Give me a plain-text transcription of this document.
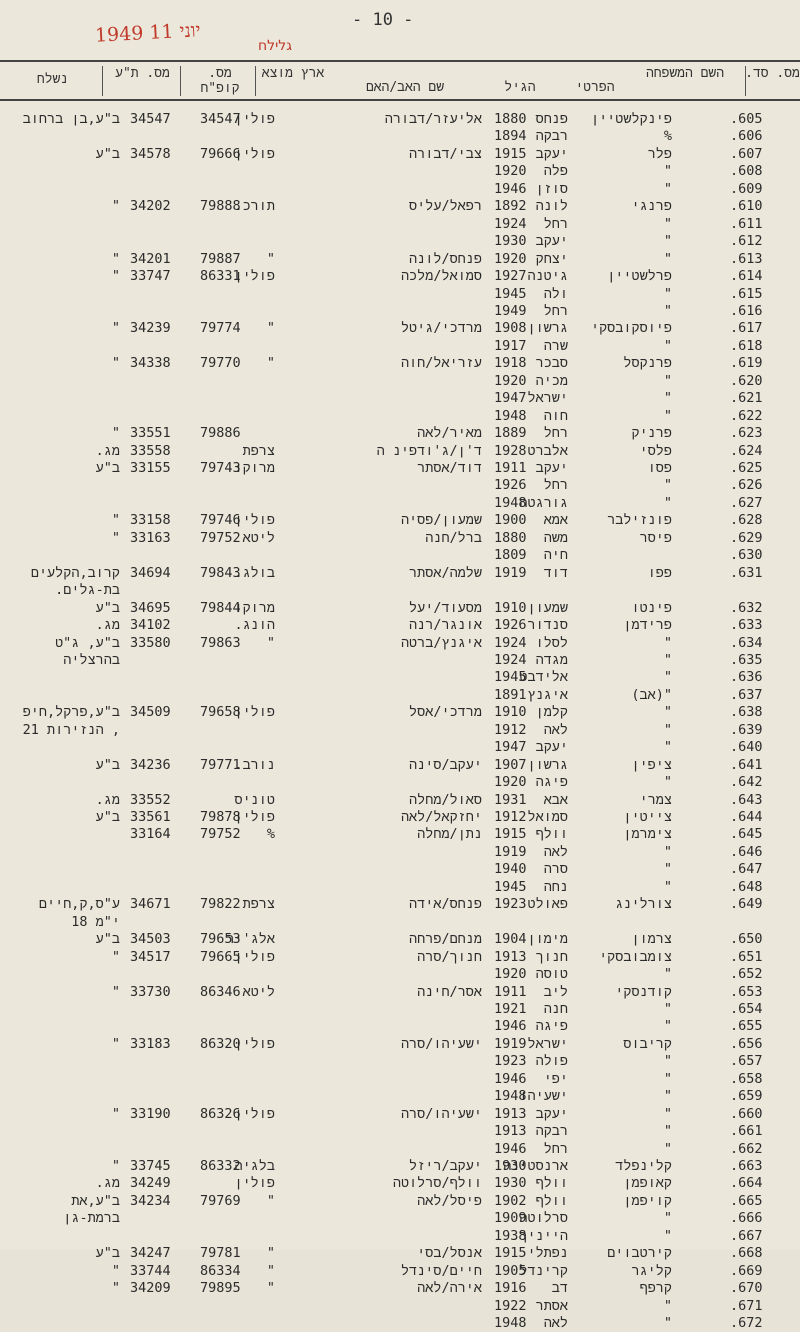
1949 יוני 11
גלילח
- 10 -
מס. סד.
השם המשפחה
הפרטי
הגיל
שם האב/האם
ארץ מוצא
מס. קופ"ח
מס. ת"ע
נשלח
.605
פינקלשטיין
פנחס
1880
אליעזר/דבורה
פולין
34547
34547
ב"ע,בן ברחוב
.606
%
רבקה
1894
.607
פלר
יעקב
1915
צבי/דבורה
פולין
79666
34578
ב"ע
.608
"
פלה
1920
.609
"
סוזן
1946
.610
פרנגי
לונה
1892
רפאל/עליס
תורכ.
79888
34202
"
.611
"
רחל
1924
.612
"
יעקב
1930
.613
"
יצחק
1920
פנחס/לונה
"
79887
34201
"
.614
פרלשטיין
גיטנה
1927
סמואל/מלכה
פולין
86331
33747
"
.615
"
ולה
1945
.616
"
רחל
1949
.617
פיוסקובסקי
גרשון
1908
מרדכי/גיטל
"
79774
34239
"
.618
"
שרה
1917
.619
פרנקסל
סבכר
1918
עזריאל/חוה
"
79770
34338
"
.620
"
מכיה
1920
.621
"
ישראל
1947
.622
"
חוה
1948
.623
פרניק
רחל
1889
מאיר/לאה
79886
33551
"
.624
פלסי
אלברט
1928
ד'ן/ג'ודפינ ה
צרפת
33558
מג.
.625
פסו
יעקב
1911
דוד/אסתר
מרוקו
79743
33155
ב"ע
.626
"
רחל
1926
.627
"
גורגטה
1948
.628
פונזילבר
אמא
1900
שמעון/פסיה
פולין
79746
33158
"
.629
פיסר
משה
1880
ברל/חנה
ליטא
79752
33163
"
.630
חיה
1809
.631
פפו
דוד
1919
שלמה/אסתר
בולג.
79843
34694
קרוב,הקלעים
בת-גלים.
.632
פינטו
שמעון
1910
מסעוד/יעל
מרוקו
79844
34695
ב"ע
.633
פרידמן
סנדור
1926
אונגר/רנה
הונג.
34102
מג.
.634
"
לסלו
1924
איגנץ/ברטה
"
79863
33580
ב"ע, ג"ט
.635
"
מגדה
1924
בהרצליה
.636
"
אלידבט
1945
.637
"(אב)
איגנץ
1891
.638
"
קלמן
1910
מרדכי/אסל
פולין
79658
34509
ב"ע,פרקל,חיפ
.639
"
לאה
1912
, הנזירות 21
.640
"
יעקב
1947
.641
ציפין
גרשון
1907
יעקב/סינה
נורב.
79771
34236
ב"ע
.642
"
פיגה
1920
.643
צמרי
אבא
1931
סאול/מחלה
טוניס
33552
מג.
.644
צייטין
סמואל
1912
יחזקאל/לאה
פולין
79878
33561
ב"ע
.645
צימרמן
וולף
1915
נתן/מחלה
%
79752
33164
.646
"
לאה
1919
.647
"
סרה
1940
.648
"
נחה
1945
.649
צורלינג
פאולט
1923
פנחס/אידה
צרפת
79822
34671
ע"ס,ק,חיים
י"מ 18
.650
צרמון
מימון
1904
מנחם/פרחה
אלג'יר
79653
34503
ב"ע
.651
צומבובסקי
חנוך
1913
חנוך/סרה
פולין
79665
34517
"
.652
"
טוסה
1920
.653
קודנסקי
ליב
1911
אסר/חינה
ליטא
86346
33730
"
.654
"
חנה
1921
.655
"
פיגה
1946
.656
קריבוס
ישראל
1919
ישעיהו/סרה
פולין
86320
33183
"
.657
"
פולה
1923
.658
"
יפי
1946
.659
"
ישעיהו
1948
.660
"
יעקב
1913
ישעיהו/סרה
פולין
86326
33190
"
.661
"
רבקה
1913
.662
"
רחל
1946
.663
קלינפלד
ארנסטינה
1930
יעקב/ריזל
בלגיה
86332
33745
"
.664
קאופמן
וולף
1930
וולף/סרלוטה
פולין
34249
מג.
.665
קויפמן
וולף
1902
פיסל/לאה
"
79769
34234
ב"ע,את
.666
"
סרלוטה
1909
ברמת-גן
.667
"
הייניך
1938
.668
קירטבוים
נפתלי
1915
אנסל/בסי
"
79781
34247
ב"ע
.669
קליגר
קרינדל
1905
חיים/סינדל
"
86334
33744
"
.670
קרפף
דב
1916
אירה/לאה
"
79895
34209
"
.671
"
אסתר
1922
.672
"
לאה
1948
